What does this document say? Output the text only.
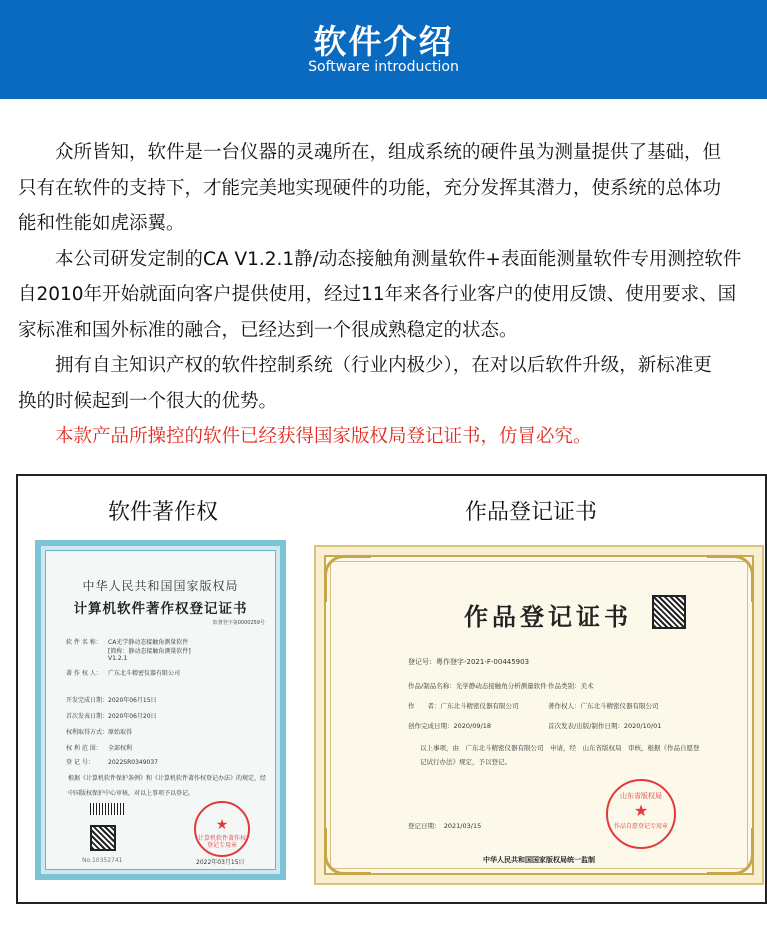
软件介绍
Software introduction

众所皆知，软件是一台仪器的灵魂所在，组成系统的硬件虽为测量提供了基础，但

只有在软件的支持下，才能完美地实现硬件的功能，充分发挥其潜力，使系统的总体功

能和性能如虎添翼。

本公司研发定制的CA V1.2.1静/动态接触角测量软件+表面能测量软件专用测控软件

自2010年开始就面向客户提供使用，经过11年来各行业客户的使用反馈、使用要求、国

家标准和国外标准的融合，已经达到一个很成熟稳定的状态。

拥有自主知识产权的软件控制系统（行业内极少），在对以后软件升级，新标准更

换的时候起到一个很大的优势。

本款产品所操控的软件已经获得国家版权局登记证书，仿冒必究。

软件著作权	作品登记证书
中华人民共和国国家版权局
计算机软件著作权登记证书
软著登字第0000259号
软 件 名 称： CA光学静动态接触角测量软件
[简称：静动态接触角测量软件]
V1.2.1
著 作 权 人： 广东北斗精密仪器有限公司
开发完成日期：2020年06月15日
首次发表日期：2020年06月20日
权利取得方式：原始取得
权 利 范 围： 全部权利
登 记 号： 2022SR0349037
根据《计算机软件保护条例》和《计算机软件著作权登记办法》的规定，经中国版权保护中心审核，对以上事项予以登记。
No.10352741
★
计算机软件著作权登记专用章
2022年03月15日
作品登记证书
登记号：粤作登字-2021-F-00445903
作品/制品名称：光学静动态接触角分析测量软件 作品类别：美术
作　　者：广东北斗精密仪器有限公司	著作权人：广东北斗精密仪器有限公司
创作完成日期：2020/09/18	首次发表/出版/制作日期：2020/10/01
以上事项，由　广东北斗精密仪器有限公司　申请，经　山东省版权局　审核，根据《作品自愿登记试行办法》规定，予以登记。
登记日期：　2021/03/15
山东省版权局
★
作品自愿登记专用章
中华人民共和国国家版权局统一监制
